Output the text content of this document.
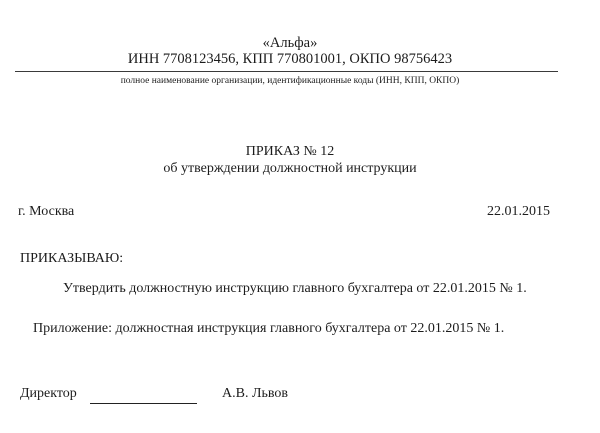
«Альфа»
ИНН 7708123456, КПП 770801001, ОКПО 98756423
полное наименование организации, идентификационные коды (ИНН, КПП, ОКПО)
ПРИКАЗ № 12
об утверждении должностной инструкции
г. Москва	22.01.2015
ПРИКАЗЫВАЮ:
Утвердить должностную инструкцию главного бухгалтера от 22.01.2015 № 1.
Приложение: должностная инструкция главного бухгалтера от 22.01.2015 № 1.
Директор	А.В. Львов
